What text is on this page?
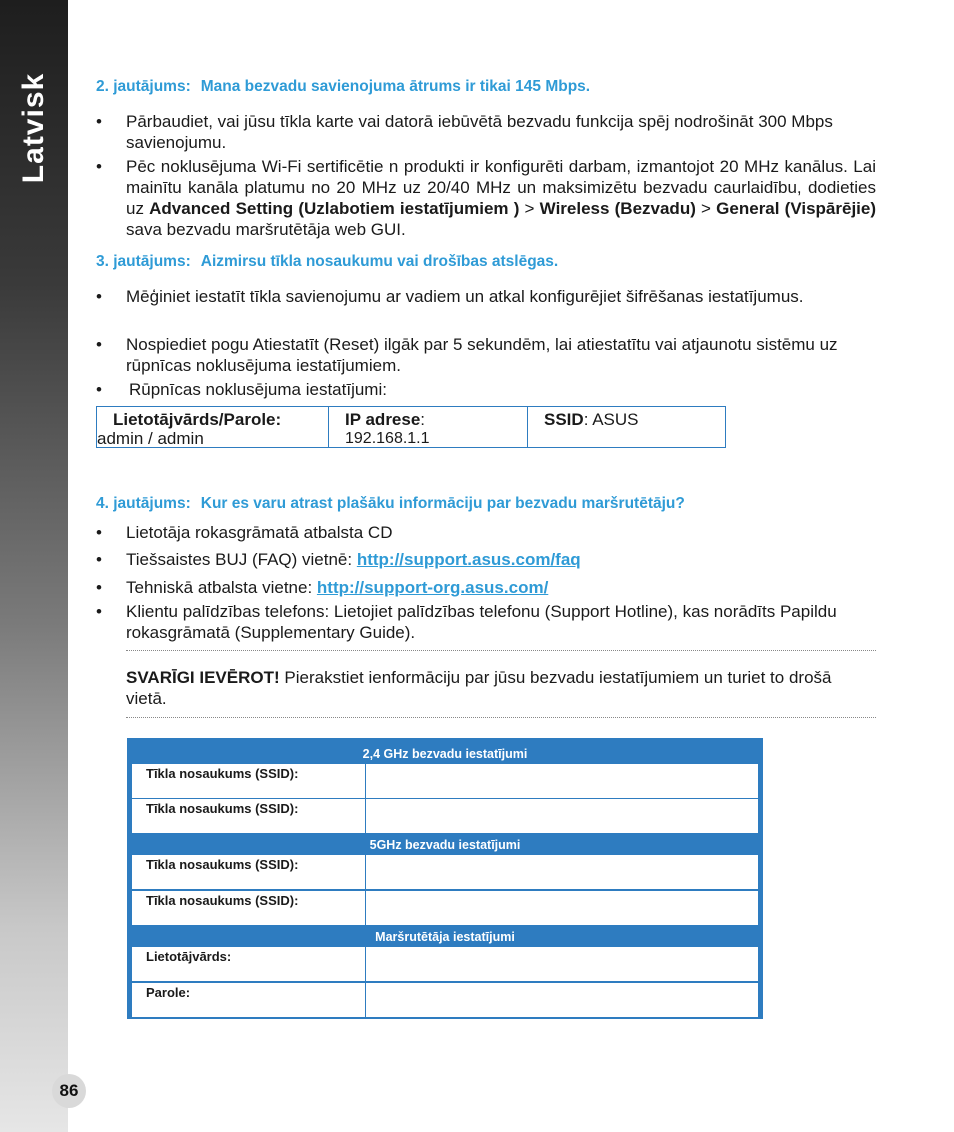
Latvisk
86
2. jautājums: Mana bezvadu savienojuma ātrums ir tikai 145 Mbps.
• Pārbaudiet, vai jūsu tīkla karte vai datorā iebūvētā bezvadu funkcija spēj nodrošināt 300 Mbps savienojumu.
• Pēc noklusējuma Wi-Fi sertificētie n produkti ir konfigurēti darbam, izmantojot 20 MHz kanālus. Lai mainītu kanāla platumu no 20 MHz uz 20/40 MHz un maksimizētu bezvadu caurlaidību, dodieties uz Advanced Setting (Uzlabotiem iestatījumiem ) > Wireless (Bezvadu) > General (Vispārējie) sava bezvadu maršrutētāja web GUI.
3. jautājums: Aizmirsu tīkla nosaukumu vai drošības atslēgas.
• Mēģiniet iestatīt tīkla savienojumu ar vadiem un atkal konfigurējiet šifrēšanas iestatījumus.
• Nospiediet pogu Atiestatīt (Reset) ilgāk par 5 sekundēm, lai atiestatītu vai atjaunotu sistēmu uz rūpnīcas noklusējuma iestatījumiem.
• Rūpnīcas noklusējuma iestatījumi:
Lietotājvārds/Parole:
admin / admin
IP adrese:
192.168.1.1
SSID: ASUS
4. jautājums: Kur es varu atrast plašāku informāciju par bezvadu maršrutētāju?
• Lietotāja rokasgrāmatā atbalsta CD
• Tiešsaistes BUJ (FAQ) vietnē: http://support.asus.com/faq
• Tehniskā atbalsta vietne: http://support-org.asus.com/
• Klientu palīdzības telefons: Lietojiet palīdzības telefonu (Support Hotline), kas norādīts Papildu rokasgrāmatā (Supplementary Guide).
SVARĪGI IEVĒROT! Pierakstiet ienformāciju par jūsu bezvadu iestatījumiem un turiet to drošā vietā.
2,4 GHz bezvadu iestatījumi
Tīkla nosaukums (SSID):
Tīkla nosaukums (SSID):
5GHz bezvadu iestatījumi
Tīkla nosaukums (SSID):
Tīkla nosaukums (SSID):
Maršrutētāja iestatījumi
Lietotājvārds:
Parole:
